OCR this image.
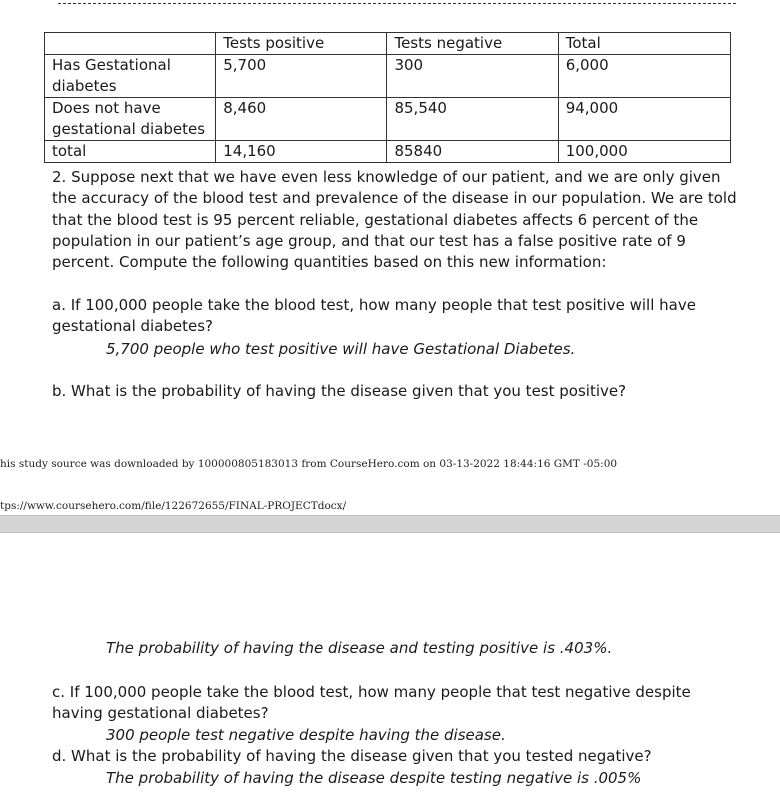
	Tests positive	Tests negative	Total
Has Gestational diabetes	5,700	300	6,000
Does not have gestational diabetes	8,460	85,540	94,000
total	14,160	85840	100,000
2. Suppose next that we have even less knowledge of our patient, and we are only given the accuracy of the blood test and prevalence of the disease in our population. We are told that the blood test is 95 percent reliable, gestational diabetes affects 6 percent of the population in our patient’s age group, and that our test has a false positive rate of 9 percent. Compute the following quantities based on this new information:
a. If 100,000 people take the blood test, how many people that test positive will have gestational diabetes?
5,700 people who test positive will have Gestational Diabetes.
b. What is the probability of having the disease given that you test positive?
his study source was downloaded by 100000805183013 from CourseHero.com on 03-13-2022 18:44:16 GMT -05:00
tps://www.coursehero.com/file/122672655/FINAL-PROJECTdocx/
The probability of having the disease and testing positive is .403%.
c. If 100,000 people take the blood test, how many people that test negative despite having gestational diabetes?
300 people test negative despite having the disease.
d. What is the probability of having the disease given that you tested negative?
The probability of having the disease despite testing negative is .005%
